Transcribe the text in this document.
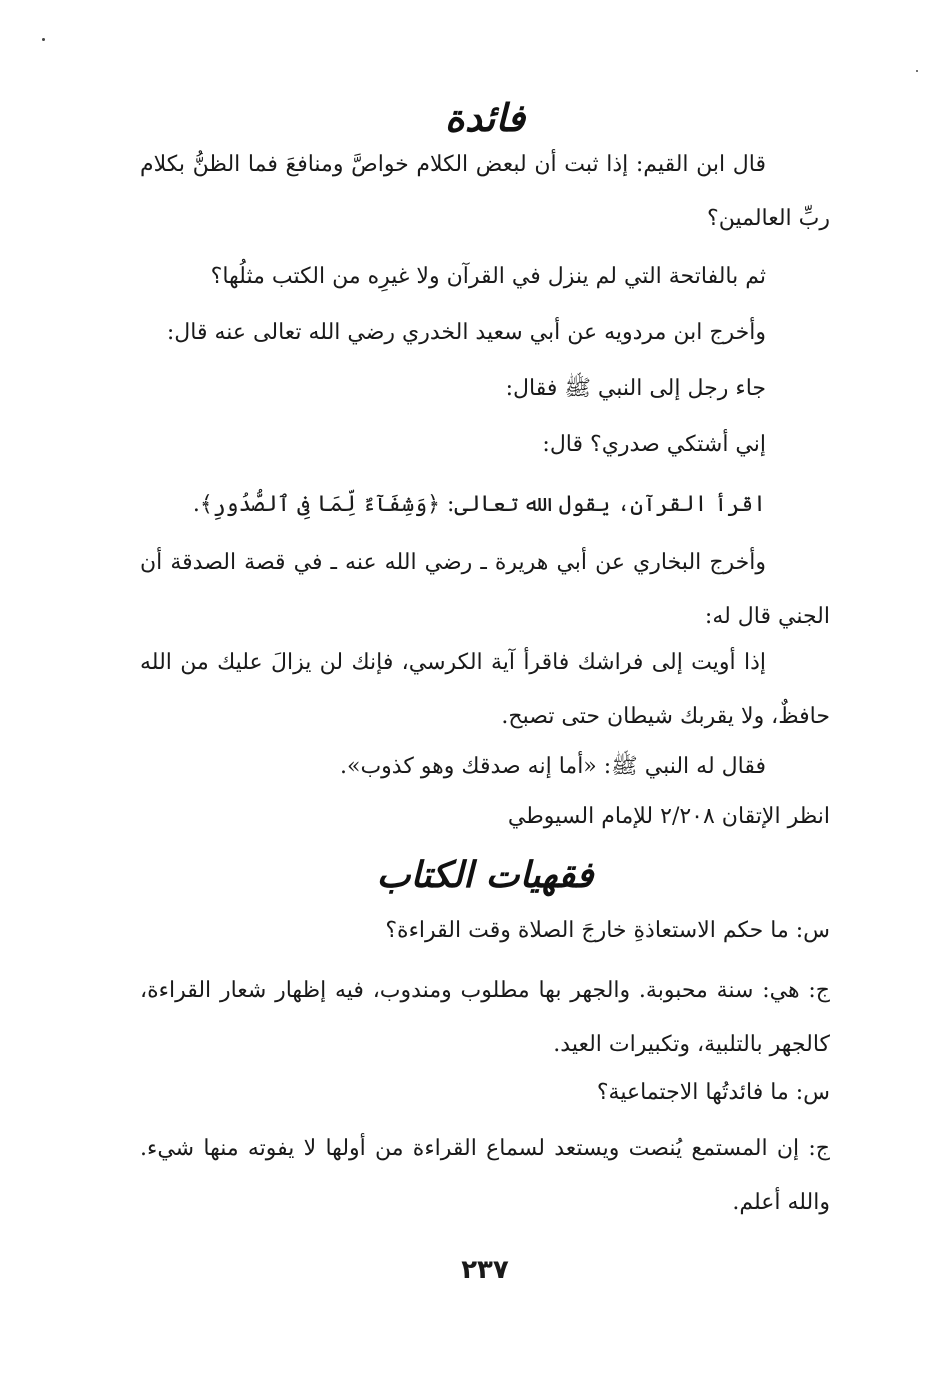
فائدة

قال ابن القيم: إذا ثبت أن لبعض الكلام خواصَّ ومنافعَ فما الظنُّ بكلام ربِّ العالمين؟

ثم بالفاتحة التي لم ينزل في القرآن ولا غيرِه من الكتب مثلُها؟

وأخرج ابن مردويه عن أبي سعيد الخدري رضي الله تعالى عنه قال:

جاء رجل إلى النبي ﷺ فقال:

إني أشتكي صدري؟ قال:

اقرأ القرآن، يقول الله تعالى: ﴿وَشِفَآءٌ لِّمَا فِى ٱلصُّدُورِ﴾.

وأخرج البخاري عن أبي هريرة ـ رضي الله عنه ـ في قصة الصدقة أن الجني قال له:

إذا أويت إلى فراشك فاقرأ آية الكرسي، فإنك لن يزالَ عليك من الله حافظٌ، ولا يقربك شيطان حتى تصبح.

فقال له النبي ﷺ: «أما إنه صدقك وهو كذوب».

انظر الإتقان ٢/٢٠٨ للإمام السيوطي

فقهيات الكتاب

س: ما حكم الاستعاذةِ خارجَ الصلاة وقت القراءة؟

ج: هي: سنة محبوبة. والجهر بها مطلوب ومندوب، فيه إظهار شعار القراءة، كالجهر بالتلبية، وتكبيرات العيد.

س: ما فائدتُها الاجتماعية؟

ج: إن المستمع يُنصت ويستعد لسماع القراءة من أولها لا يفوته منها شيء. والله أعلم.

٢٣٧
